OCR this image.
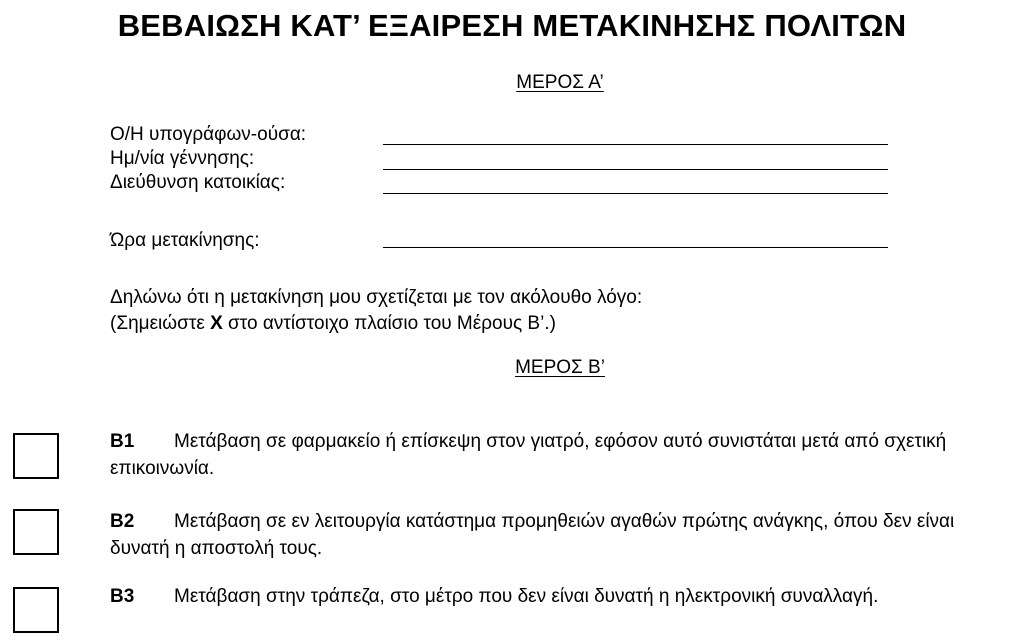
ΒΕΒΑΙΩΣΗ ΚΑΤ’ ΕΞΑΙΡΕΣΗ ΜΕΤΑΚΙΝΗΣΗΣ ΠΟΛΙΤΩΝ
ΜΕΡΟΣ Α’
Ο/Η υπογράφων-ούσα:
Ημ/νία γέννησης:
Διεύθυνση κατοικίας:
Ώρα μετακίνησης:
Δηλώνω ότι η μετακίνηση μου σχετίζεται με τον ακόλουθο λόγο:
(Σημειώστε Χ στο αντίστοιχο πλαίσιο του Μέρους Β’.)
ΜΕΡΟΣ Β’
Β1 Μετάβαση σε φαρμακείο ή επίσκεψη στον γιατρό, εφόσον αυτό συνιστάται μετά από σχετική επικοινωνία.
Β2 Μετάβαση σε εν λειτουργία κατάστημα προμηθειών αγαθών πρώτης ανάγκης, όπου δεν είναι δυνατή η αποστολή τους.
Β3 Μετάβαση στην τράπεζα, στο μέτρο που δεν είναι δυνατή η ηλεκτρονική συναλλαγή.
